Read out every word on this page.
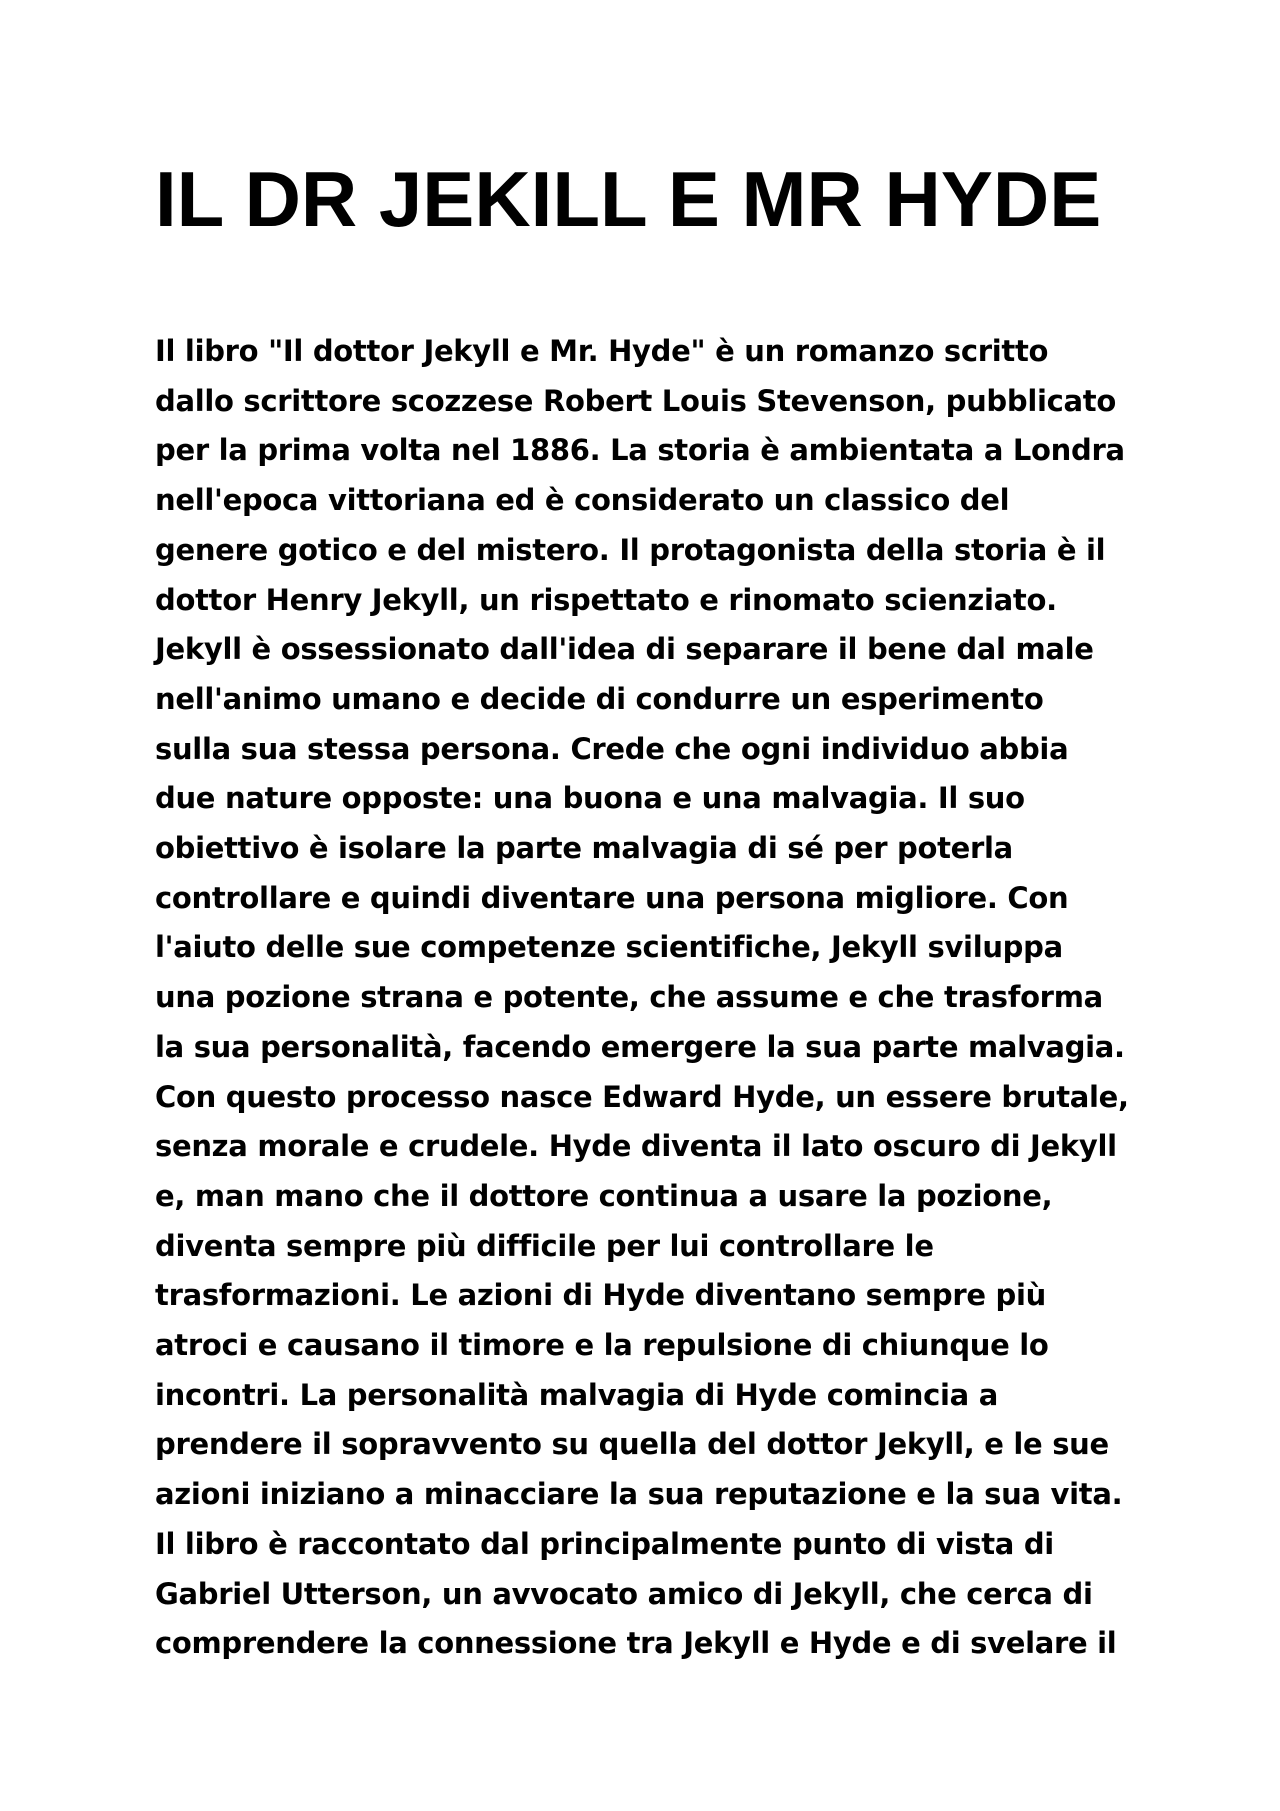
IL DR JEKILL E MR HYDE
Il libro "Il dottor Jekyll e Mr. Hyde" è un romanzo scritto
dallo scrittore scozzese Robert Louis Stevenson, pubblicato
per la prima volta nel 1886. La storia è ambientata a Londra
nell'epoca vittoriana ed è considerato un classico del
genere gotico e del mistero. Il protagonista della storia è il
dottor Henry Jekyll, un rispettato e rinomato scienziato.
Jekyll è ossessionato dall'idea di separare il bene dal male
nell'animo umano e decide di condurre un esperimento
sulla sua stessa persona. Crede che ogni individuo abbia
due nature opposte: una buona e una malvagia. Il suo
obiettivo è isolare la parte malvagia di sé per poterla
controllare e quindi diventare una persona migliore. Con
l'aiuto delle sue competenze scientifiche, Jekyll sviluppa
una pozione strana e potente, che assume e che trasforma
la sua personalità, facendo emergere la sua parte malvagia.
Con questo processo nasce Edward Hyde, un essere brutale,
senza morale e crudele. Hyde diventa il lato oscuro di Jekyll
e, man mano che il dottore continua a usare la pozione,
diventa sempre più difficile per lui controllare le
trasformazioni. Le azioni di Hyde diventano sempre più
atroci e causano il timore e la repulsione di chiunque lo
incontri. La personalità malvagia di Hyde comincia a
prendere il sopravvento su quella del dottor Jekyll, e le sue
azioni iniziano a minacciare la sua reputazione e la sua vita.
Il libro è raccontato dal principalmente punto di vista di
Gabriel Utterson, un avvocato amico di Jekyll, che cerca di
comprendere la connessione tra Jekyll e Hyde e di svelare il
